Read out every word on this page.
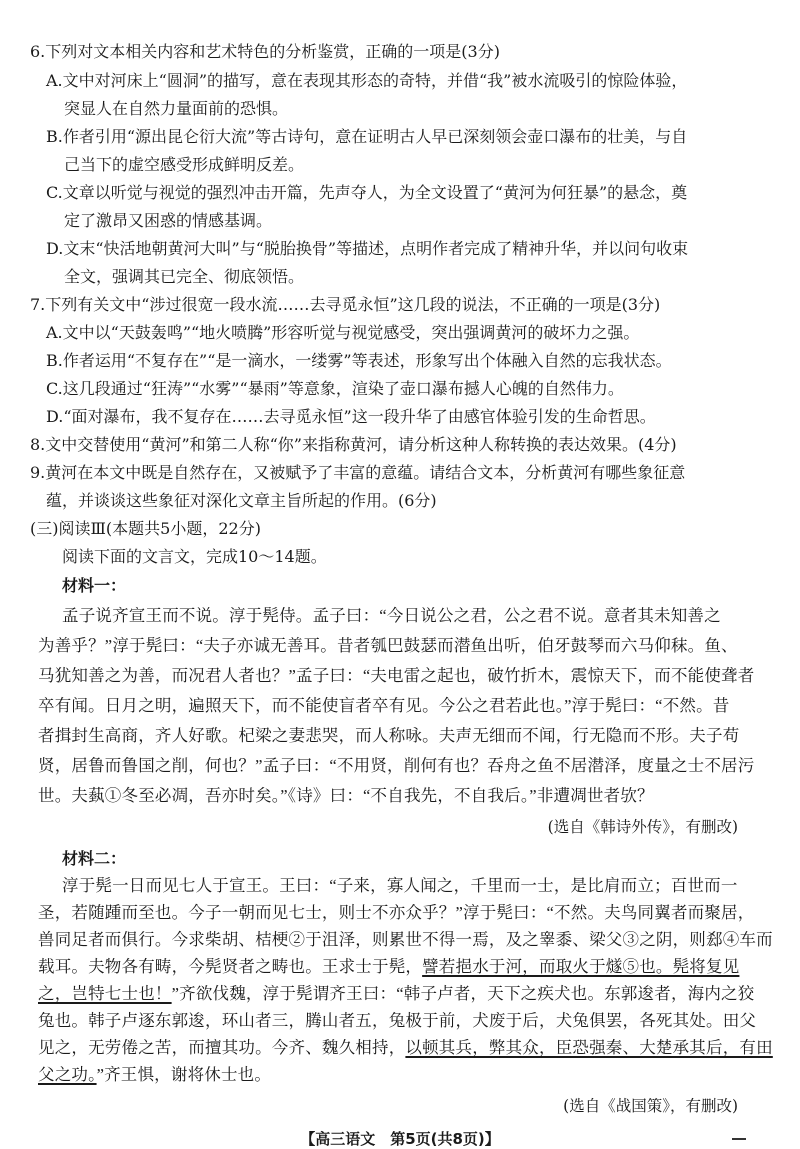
6.下列对文本相关内容和艺术特色的分析鉴赏，正确的一项是(3分)
A.文中对河床上“圆洞”的描写，意在表现其形态的奇特，并借“我”被水流吸引的惊险体验，
突显人在自然力量面前的恐惧。
B.作者引用“源出昆仑衍大流”等古诗句，意在证明古人早已深刻领会壶口瀑布的壮美，与自
己当下的虚空感受形成鲜明反差。
C.文章以听觉与视觉的强烈冲击开篇，先声夺人，为全文设置了“黄河为何狂暴”的悬念，奠
定了激昂又困惑的情感基调。
D.文末“快活地朝黄河大叫”与“脱胎换骨”等描述，点明作者完成了精神升华，并以问句收束
全文，强调其已完全、彻底领悟。
7.下列有关文中“涉过很宽一段水流……去寻觅永恒”这几段的说法，不正确的一项是(3分)
A.文中以“天鼓轰鸣”“地火喷腾”形容听觉与视觉感受，突出强调黄河的破坏力之强。
B.作者运用“不复存在”“是一滴水，一缕雾”等表述，形象写出个体融入自然的忘我状态。
C.这几段通过“狂涛”“水雾”“暴雨”等意象，渲染了壶口瀑布撼人心魄的自然伟力。
D.“面对瀑布，我不复存在……去寻觅永恒”这一段升华了由感官体验引发的生命哲思。
8.文中交替使用“黄河”和第二人称“你”来指称黄河，请分析这种人称转换的表达效果。(4分)
9.黄河在本文中既是自然存在，又被赋予了丰富的意蕴。请结合文本，分析黄河有哪些象征意
蕴，并谈谈这些象征对深化文章主旨所起的作用。(6分)
(三)阅读Ⅲ(本题共5小题，22分)
阅读下面的文言文，完成10～14题。
材料一：
孟子说齐宣王而不说。淳于髡侍。孟子曰：“今日说公之君，公之君不说。意者其未知善之
为善乎？”淳于髡曰：“夫子亦诚无善耳。昔者瓠巴鼓瑟而潜鱼出听，伯牙鼓琴而六马仰秣。鱼、
马犹知善之为善，而况君人者也？”孟子曰：“夫电雷之起也，破竹折木，震惊天下，而不能使聋者
卒有闻。日月之明，遍照天下，而不能使盲者卒有见。今公之君若此也。”淳于髡曰：“不然。昔
者揖封生高商，齐人好歌。杞梁之妻悲哭，而人称咏。夫声无细而不闻，行无隐而不形。夫子苟
贤，居鲁而鲁国之削，何也？”孟子曰：“不用贤，削何有也？吞舟之鱼不居潜泽，度量之士不居污
世。夫蓺①冬至必凋，吾亦时矣。”《诗》曰：“不自我先，不自我后。”非遭凋世者欤？
(选自《韩诗外传》，有删改)
材料二：
淳于髡一日而见七人于宣王。王曰：“子来，寡人闻之，千里而一士，是比肩而立；百世而一
圣，若随踵而至也。今子一朝而见七士，则士不亦众乎？”淳于髡曰：“不然。夫鸟同翼者而聚居，
兽同足者而俱行。今求柴胡、桔梗②于沮泽，则累世不得一焉，及之睾黍、梁父③之阴，则郄④车而
载耳。夫物各有畴，今髡贤者之畴也。王求士于髡，譬若挹水于河，而取火于燧⑤也。髡将复见
之，岂特七士也！”齐欲伐魏，淳于髡谓齐王曰：“韩子卢者，天下之疾犬也。东郭逡者，海内之狡
兔也。韩子卢逐东郭逡，环山者三，腾山者五，兔极于前，犬废于后，犬兔俱罢，各死其处。田父
见之，无劳倦之苦，而擅其功。今齐、魏久相持，以顿其兵，弊其众，臣恐强秦、大楚承其后，有田
父之功。”齐王惧，谢将休士也。
(选自《战国策》，有删改)
【高三语文　第5页(共8页)】
